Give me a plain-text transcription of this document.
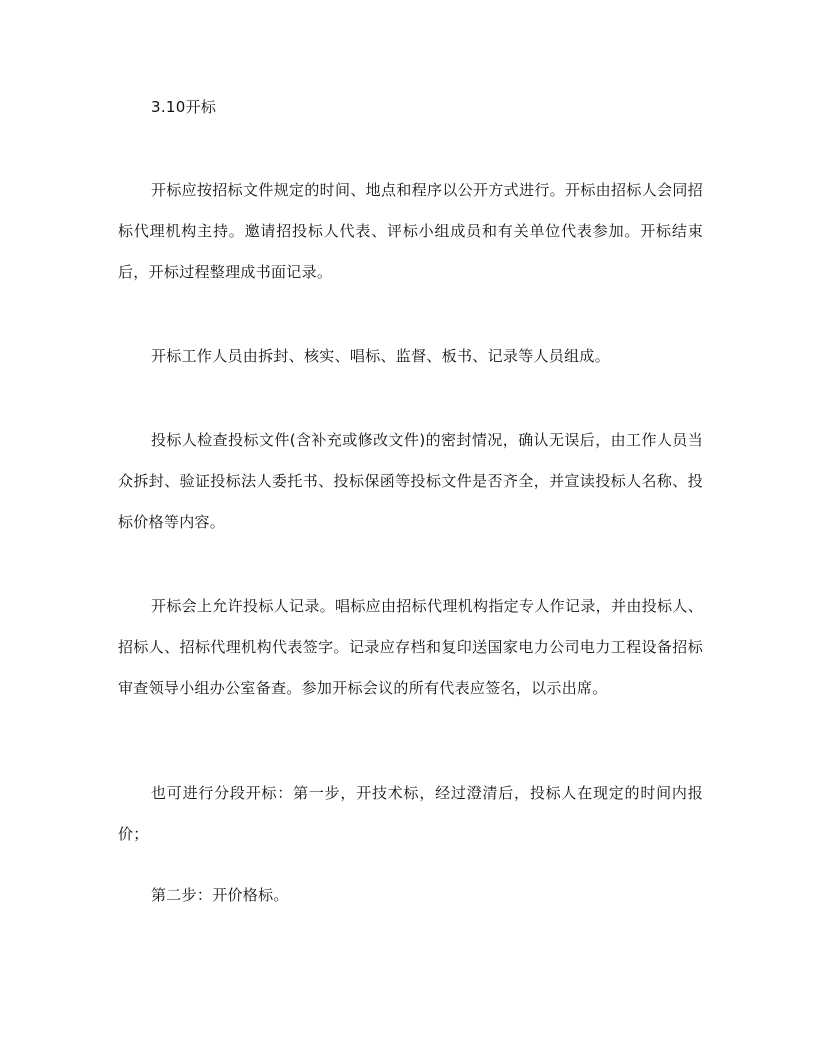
3.10开标

开标应按招标文件规定的时间、地点和程序以公开方式进行。开标由招标人会同招标代理机构主持。邀请招投标人代表、评标小组成员和有关单位代表参加。开标结束后，开标过程整理成书面记录。

开标工作人员由拆封、核实、唱标、监督、板书、记录等人员组成。

投标人检查投标文件(含补充或修改文件)的密封情况，确认无误后，由工作人员当众拆封、验证投标法人委托书、投标保函等投标文件是否齐全，并宣读投标人名称、投标价格等内容。

开标会上允许投标人记录。唱标应由招标代理机构指定专人作记录，并由投标人、招标人、招标代理机构代表签字。记录应存档和复印送国家电力公司电力工程设备招标审查领导小组办公室备查。参加开标会议的所有代表应签名，以示出席。

也可进行分段开标：第一步，开技术标，经过澄清后，投标人在现定的时间内报价；

第二步：开价格标。
